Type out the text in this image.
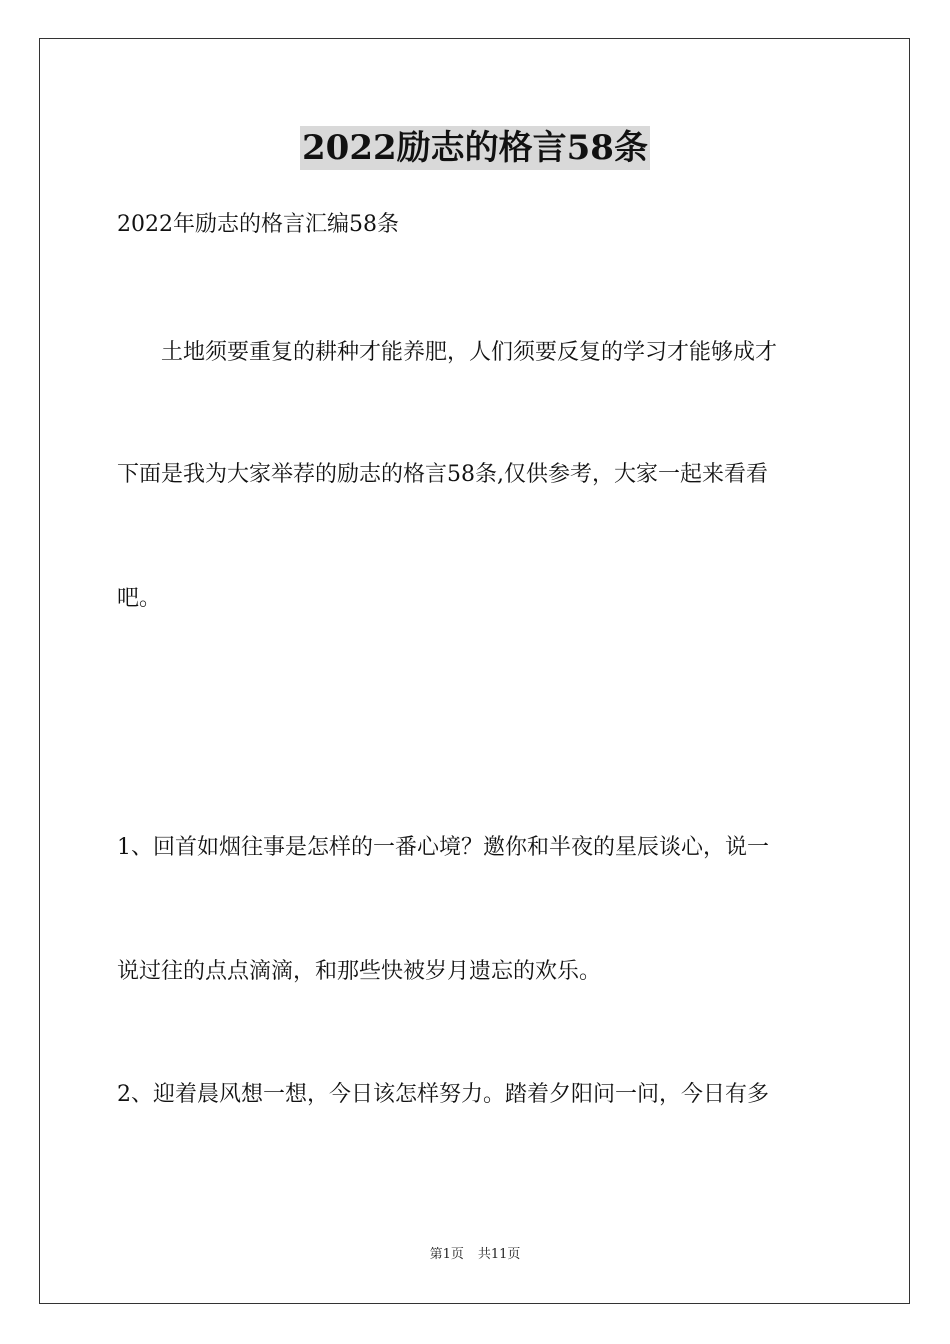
2022励志的格言58条
2022年励志的格言汇编58条
土地须要重复的耕种才能养肥，人们须要反复的学习才能够成才
下面是我为大家举荐的励志的格言58条,仅供参考，大家一起来看看
吧。
1、回首如烟往事是怎样的一番心境？邀你和半夜的星辰谈心，说一
说过往的点点滴滴，和那些快被岁月遗忘的欢乐。
2、迎着晨风想一想，今日该怎样努力。踏着夕阳问一问，今日有多
第1页 共11页
